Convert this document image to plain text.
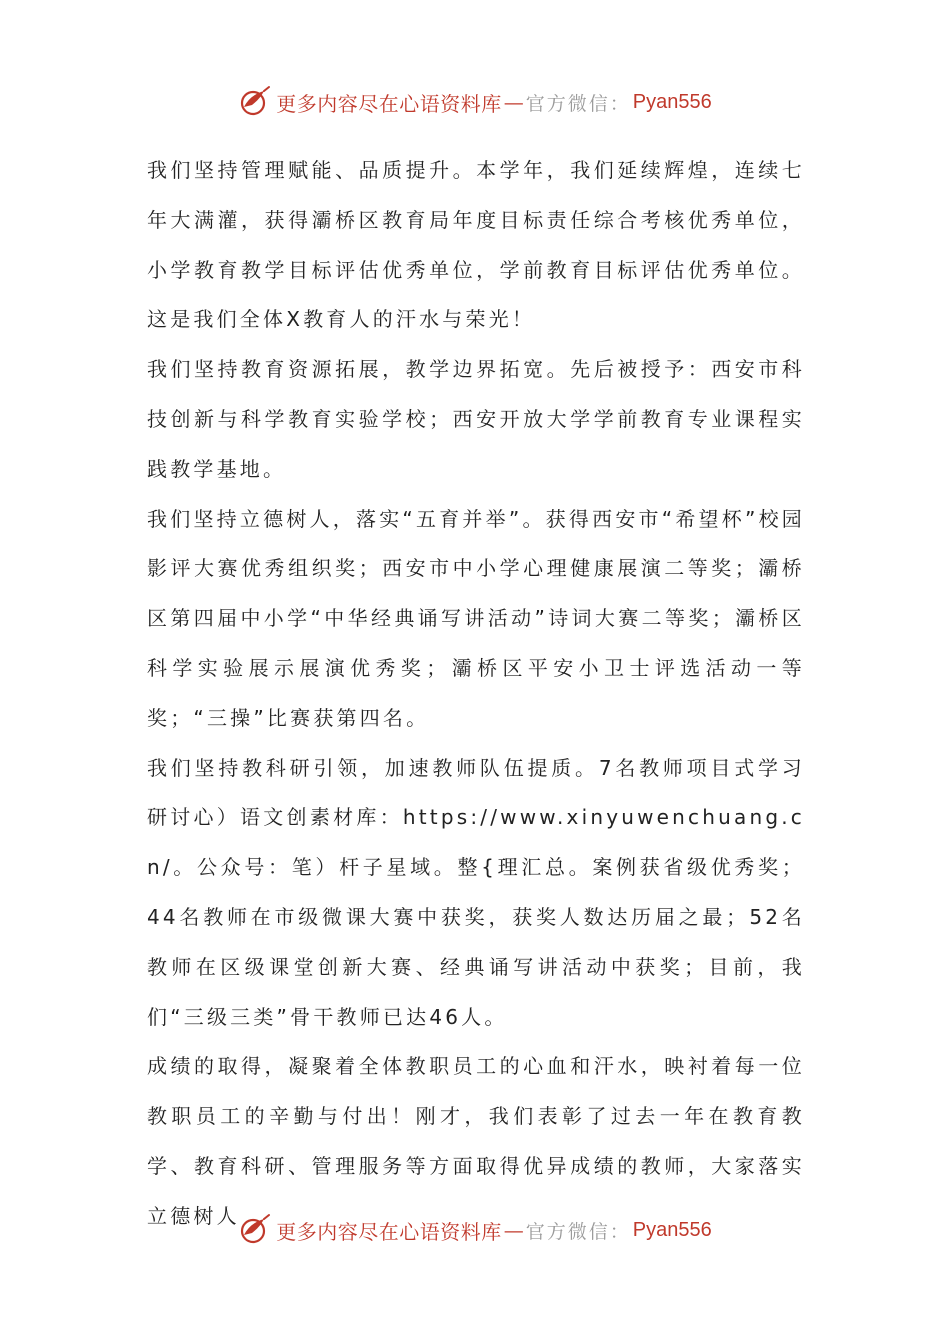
更多内容尽在心语资料库 — 官方微信： Pyan556

我们坚持管理赋能、品质提升。本学年，我们延续辉煌，连续七年大满灌，获得灞桥区教育局年度目标责任综合考核优秀单位，小学教育教学目标评估优秀单位，学前教育目标评估优秀单位。这是我们全体X教育人的汗水与荣光！

我们坚持教育资源拓展，教学边界拓宽。先后被授予：西安市科技创新与科学教育实验学校；西安开放大学学前教育专业课程实践教学基地。

我们坚持立德树人，落实“五育并举”。获得西安市“希望杯”校园影评大赛优秀组织奖；西安市中小学心理健康展演二等奖；灞桥区第四届中小学“中华经典诵写讲活动”诗词大赛二等奖；灞桥区科学实验展示展演优秀奖；灞桥区平安小卫士评选活动一等奖；“三操”比赛获第四名。

我们坚持教科研引领，加速教师队伍提质。7名教师项目式学习研讨心）语文创素材库：https://www.xinyuwenchuang.cn/。公众号：笔）杆子星域。整{理汇总。案例获省级优秀奖；44名教师在市级微课大赛中获奖，获奖人数达历届之最；52名教师在区级课堂创新大赛、经典诵写讲活动中获奖；目前，我们“三级三类”骨干教师已达46人。

成绩的取得，凝聚着全体教职员工的心血和汗水，映衬着每一位教职员工的辛勤与付出！刚才，我们表彰了过去一年在教育教学、教育科研、管理服务等方面取得优异成绩的教师，大家落实立德树人

更多内容尽在心语资料库 — 官方微信： Pyan556
